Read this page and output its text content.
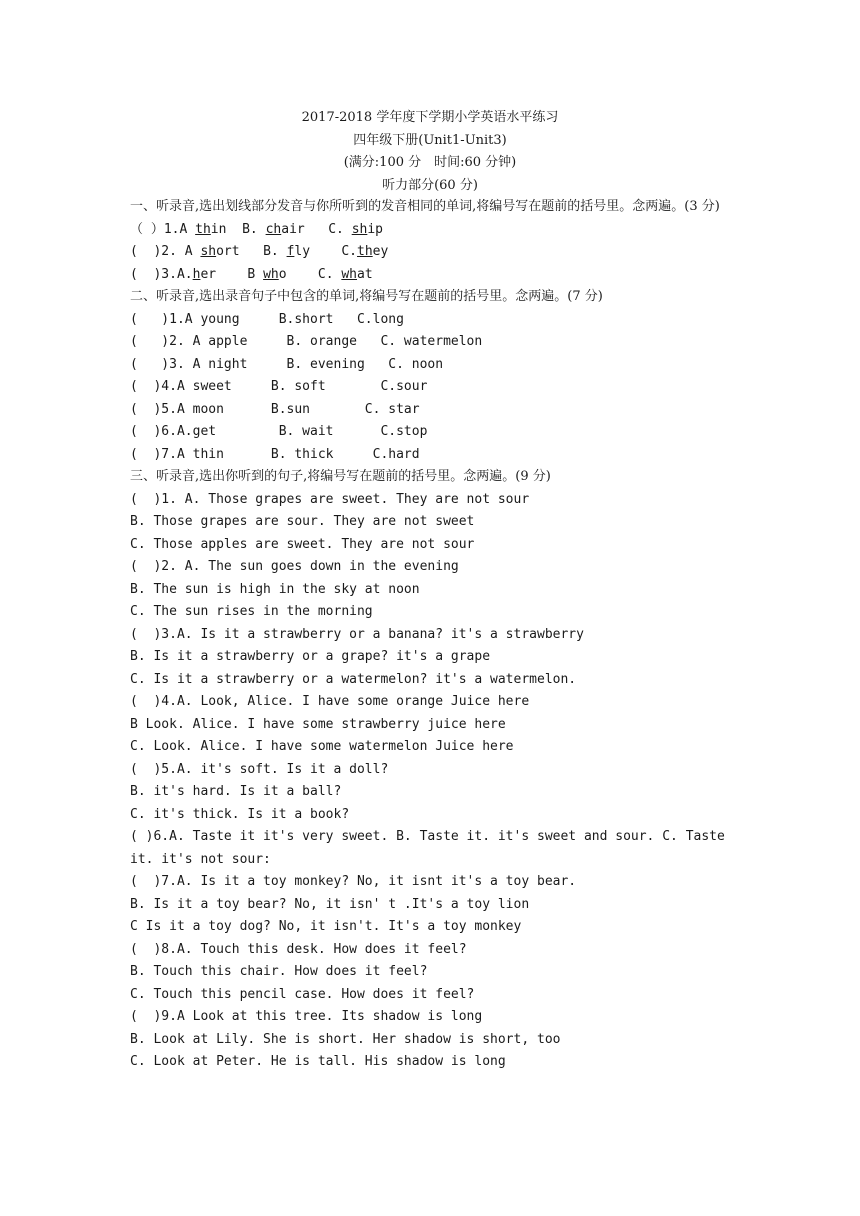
2017-2018 学年度下学期小学英语水平练习
四年级下册(Unit1-Unit3)
(满分:100 分　时间:60 分钟)
听力部分(60 分)
一、听录音,选出划线部分发音与你所听到的发音相同的单词,将编号写在题前的括号里。念两遍。(3 分)
（ ）1.A thin  B. chair   C. ship
(  )2. A short   B. fly    C.they
(  )3.A.her    B who    C. what
二、听录音,选出录音句子中包含的单词,将编号写在题前的括号里。念两遍。(7 分)
(   )1.A young     B.short   C.long
(   )2. A apple     B. orange   C. watermelon
(   )3. A night     B. evening   C. noon
(  )4.A sweet     B. soft       C.sour
(  )5.A moon      B.sun       C. star
(  )6.A.get        B. wait      C.stop
(  )7.A thin      B. thick     C.hard
三、听录音,选出你听到的句子,将编号写在题前的括号里。念两遍。(9 分)
(  )1. A. Those grapes are sweet. They are not sour
B. Those grapes are sour. They are not sweet
C. Those apples are sweet. They are not sour
(  )2. A. The sun goes down in the evening
B. The sun is high in the sky at noon
C. The sun rises in the morning
(  )3.A. Is it a strawberry or a banana? it's a strawberry
B. Is it a strawberry or a grape? it's a grape
C. Is it a strawberry or a watermelon? it's a watermelon.
(  )4.A. Look, Alice. I have some orange Juice here
B Look. Alice. I have some strawberry juice here
C. Look. Alice. I have some watermelon Juice here
(  )5.A. it's soft. Is it a doll?
B. it's hard. Is it a ball?
C. it's thick. Is it a book?
( )6.A. Taste it it's very sweet. B. Taste it. it's sweet and sour. C. Taste it. it's not sour:
(  )7.A. Is it a toy monkey? No, it isnt it's a toy bear.
B. Is it a toy bear? No, it isn' t .It's a toy lion
C Is it a toy dog? No, it isn't. It's a toy monkey
(  )8.A. Touch this desk. How does it feel?
B. Touch this chair. How does it feel?
C. Touch this pencil case. How does it feel?
(  )9.A Look at this tree. Its shadow is long
B. Look at Lily. She is short. Her shadow is short, too
C. Look at Peter. He is tall. His shadow is long
